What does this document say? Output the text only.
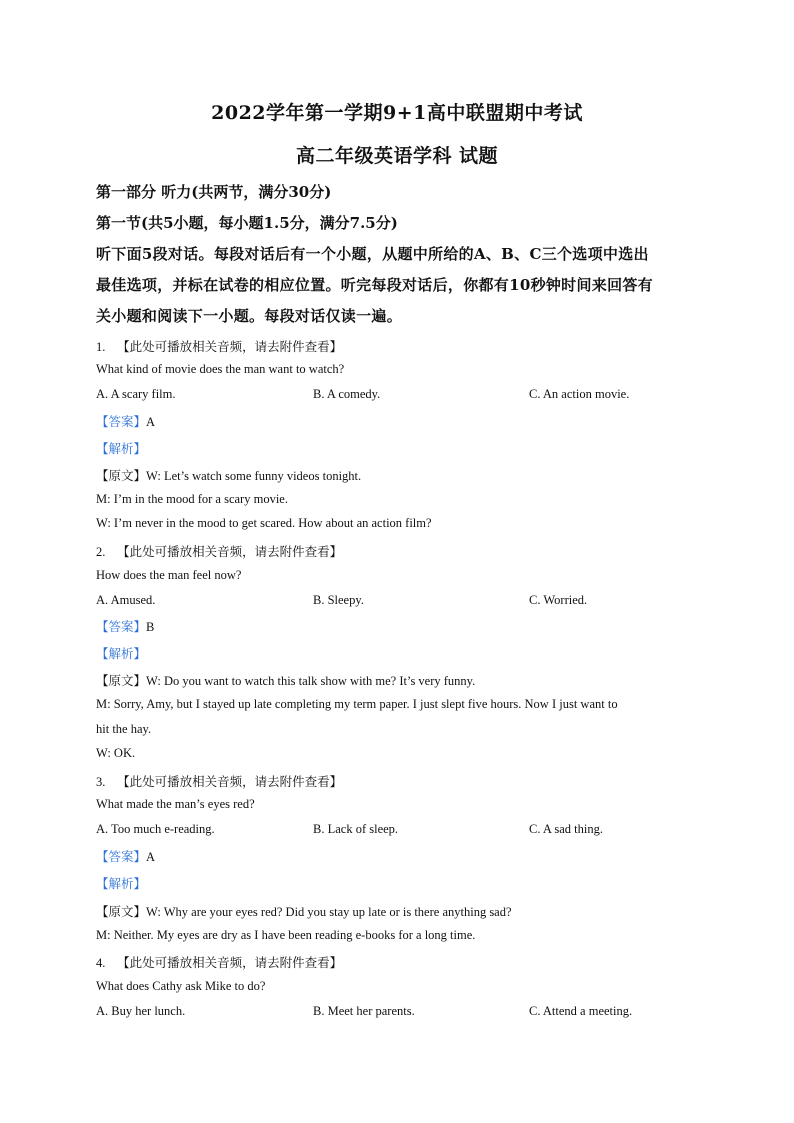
2022学年第一学期9+1高中联盟期中考试
高二年级英语学科 试题
第一部分 听力(共两节，满分30分)
第一节(共5小题，每小题1.5分，满分7.5分)
听下面5段对话。每段对话后有一个小题，从题中所给的A、B、C三个选项中选出
最佳选项，并标在试卷的相应位置。听完每段对话后，你都有10秒钟时间来回答有
关小题和阅读下一小题。每段对话仅读一遍。
1. 【此处可播放相关音频，请去附件查看】
What kind of movie does the man want to watch?
A. A scary film.	B. A comedy.	C. An action movie.
【答案】A
【解析】
【原文】W: Let’s watch some funny videos tonight.
M: I’m in the mood for a scary movie.
W: I’m never in the mood to get scared. How about an action film?
2. 【此处可播放相关音频，请去附件查看】
How does the man feel now?
A. Amused.	B. Sleepy.	C. Worried.
【答案】B
【解析】
【原文】W: Do you want to watch this talk show with me? It’s very funny.
M: Sorry, Amy, but I stayed up late completing my term paper. I just slept five hours. Now I just want to
hit the hay.
W: OK.
3. 【此处可播放相关音频，请去附件查看】
What made the man’s eyes red?
A. Too much e-reading.	B. Lack of sleep.	C. A sad thing.
【答案】A
【解析】
【原文】W: Why are your eyes red? Did you stay up late or is there anything sad?
M: Neither. My eyes are dry as I have been reading e-books for a long time.
4. 【此处可播放相关音频，请去附件查看】
What does Cathy ask Mike to do?
A. Buy her lunch.	B. Meet her parents.	C. Attend a meeting.
